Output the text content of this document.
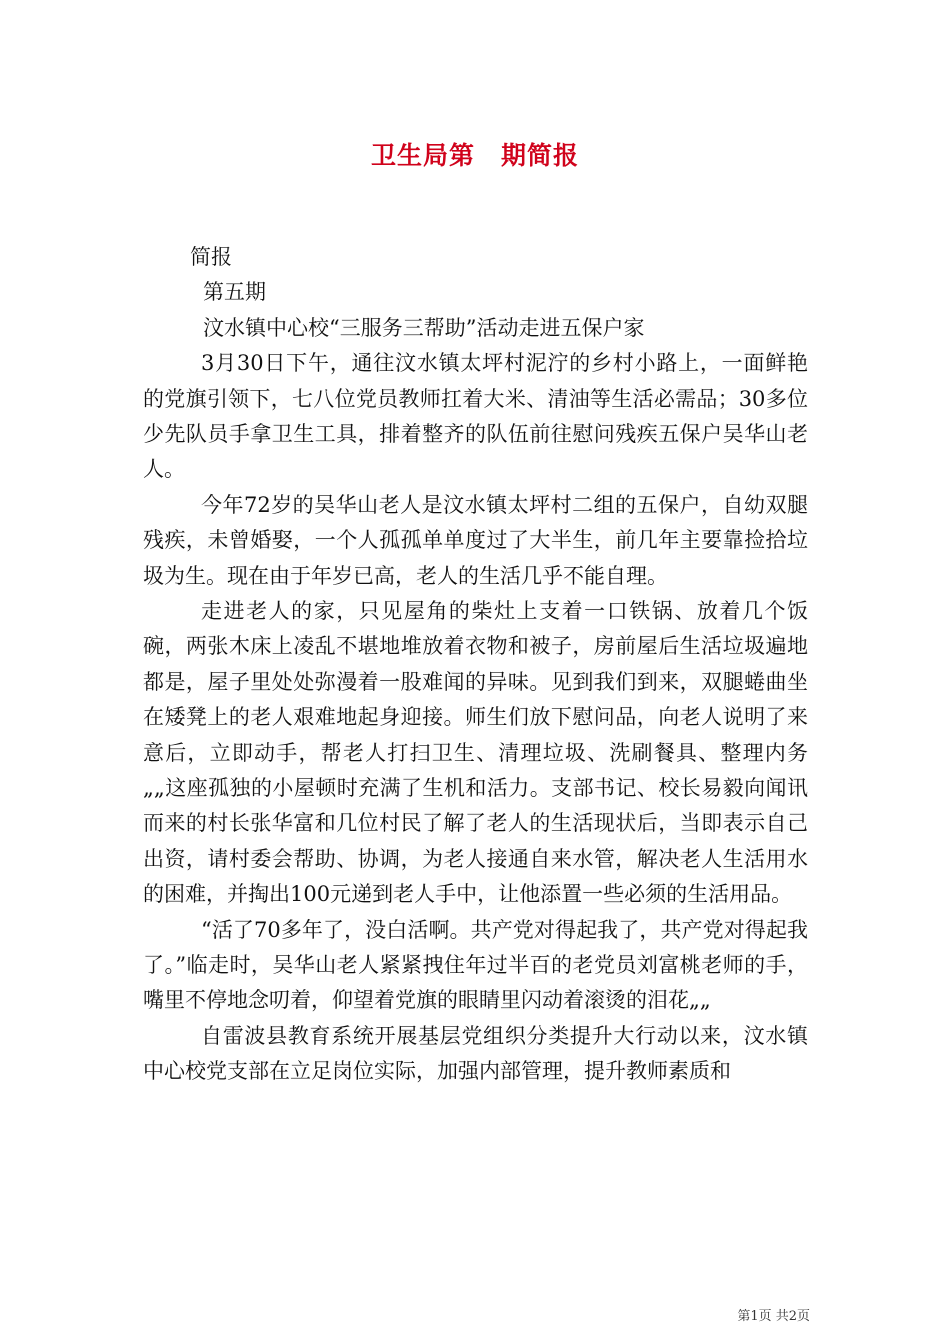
卫生局第　期简报
简报
第五期
汶水镇中心校“三服务三帮助”活动走进五保户家
3月30日下午，通往汶水镇太坪村泥泞的乡村小路上，一面鲜艳的党旗引领下，七八位党员教师扛着大米、清油等生活必需品；30多位少先队员手拿卫生工具，排着整齐的队伍前往慰问残疾五保户吴华山老人。
今年72岁的吴华山老人是汶水镇太坪村二组的五保户，自幼双腿残疾，未曾婚娶，一个人孤孤单单度过了大半生，前几年主要靠捡拾垃圾为生。现在由于年岁已高，老人的生活几乎不能自理。
走进老人的家，只见屋角的柴灶上支着一口铁锅、放着几个饭碗，两张木床上凌乱不堪地堆放着衣物和被子，房前屋后生活垃圾遍地都是，屋子里处处弥漫着一股难闻的异味。见到我们到来，双腿蜷曲坐在矮凳上的老人艰难地起身迎接。师生们放下慰问品，向老人说明了来意后，立即动手，帮老人打扫卫生、清理垃圾、洗刷餐具、整理内务„„这座孤独的小屋顿时充满了生机和活力。支部书记、校长易毅向闻讯而来的村长张华富和几位村民了解了老人的生活现状后，当即表示自己出资，请村委会帮助、协调，为老人接通自来水管，解决老人生活用水的困难，并掏出100元递到老人手中，让他添置一些必须的生活用品。
“活了70多年了，没白活啊。共产党对得起我了，共产党对得起我了。”临走时，吴华山老人紧紧拽住年过半百的老党员刘富桃老师的手，嘴里不停地念叨着，仰望着党旗的眼睛里闪动着滚烫的泪花„„
自雷波县教育系统开展基层党组织分类提升大行动以来，汶水镇中心校党支部在立足岗位实际，加强内部管理，提升教师素质和
第1页 共2页
